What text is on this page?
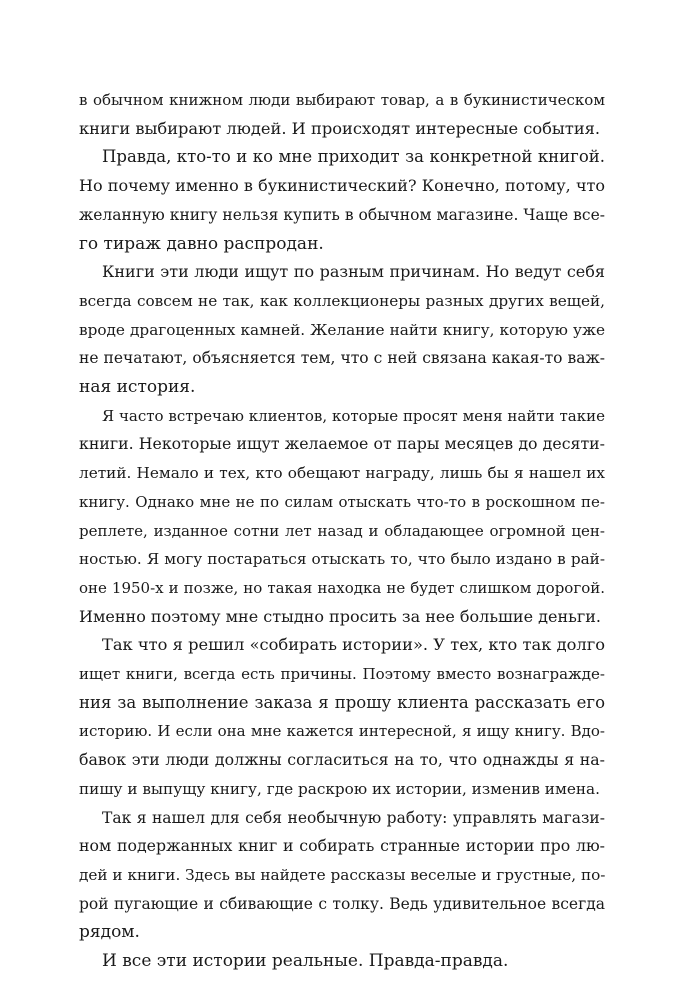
в обычном книжном люди выбирают товар, а в букинистическом
книги выбирают людей. И происходят интересные события.
Правда, кто-то и ко мне приходит за конкретной книгой.
Но почему именно в букинистический? Конечно, потому, что
желанную книгу нельзя купить в обычном магазине. Чаще все-
го тираж давно распродан.
Книги эти люди ищут по разным причинам. Но ведут себя
всегда совсем не так, как коллекционеры разных других вещей,
вроде драгоценных камней. Желание найти книгу, которую уже
не печатают, объясняется тем, что с ней связана какая-то важ-
ная история.
Я часто встречаю клиентов, которые просят меня найти такие
книги. Некоторые ищут желаемое от пары месяцев до десяти-
летий. Немало и тех, кто обещают награду, лишь бы я нашел их
книгу. Однако мне не по силам отыскать что-то в роскошном пе-
реплете, изданное сотни лет назад и обладающее огромной цен-
ностью. Я могу постараться отыскать то, что было издано в рай-
оне 1950-х и позже, но такая находка не будет слишком дорогой.
Именно поэтому мне стыдно просить за нее большие деньги.
Так что я решил «собирать истории». У тех, кто так долго
ищет книги, всегда есть причины. Поэтому вместо вознагражде-
ния за выполнение заказа я прошу клиента рассказать его
историю. И если она мне кажется интересной, я ищу книгу. Вдо-
бавок эти люди должны согласиться на то, что однажды я на-
пишу и выпущу книгу, где раскрою их истории, изменив имена.
Так я нашел для себя необычную работу: управлять магази-
ном подержанных книг и собирать странные истории про лю-
дей и книги. Здесь вы найдете рассказы веселые и грустные, по-
рой пугающие и сбивающие с толку. Ведь удивительное всегда
рядом.
И все эти истории реальные. Правда-правда.
